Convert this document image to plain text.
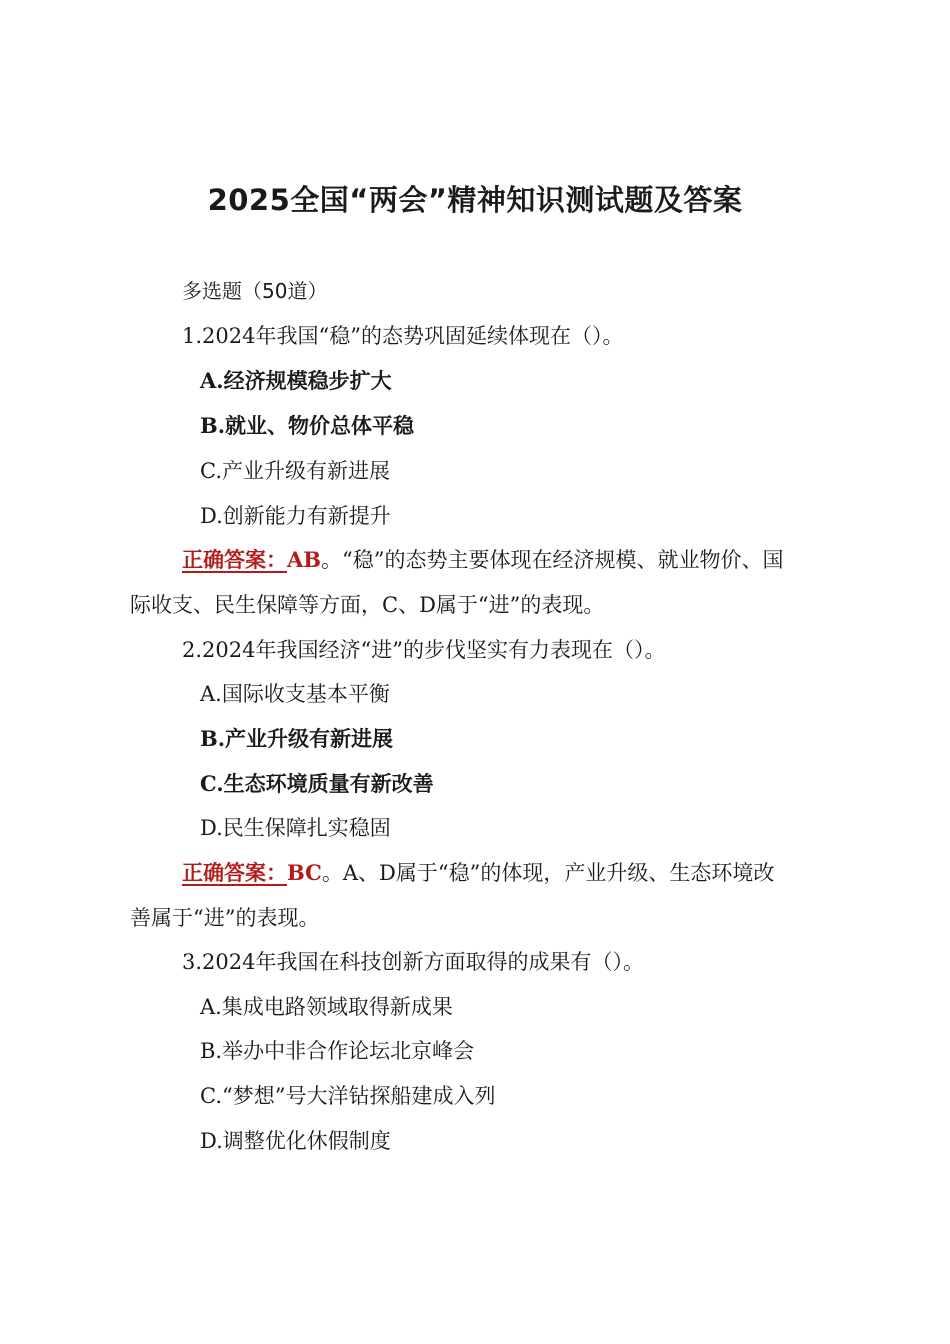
2025全国“两会”精神知识测试题及答案
多选题（50道）
1.2024年我国“稳”的态势巩固延续体现在（）。
A.经济规模稳步扩大
B.就业、物价总体平稳
C.产业升级有新进展
D.创新能力有新提升
正确答案：AB。“稳”的态势主要体现在经济规模、就业物价、国
际收支、民生保障等方面，C、D属于“进”的表现。
2.2024年我国经济“进”的步伐坚实有力表现在（）。
A.国际收支基本平衡
B.产业升级有新进展
C.生态环境质量有新改善
D.民生保障扎实稳固
正确答案：BC。A、D属于“稳”的体现，产业升级、生态环境改
善属于“进”的表现。
3.2024年我国在科技创新方面取得的成果有（）。
A.集成电路领域取得新成果
B.举办中非合作论坛北京峰会
C.“梦想”号大洋钻探船建成入列
D.调整优化休假制度
